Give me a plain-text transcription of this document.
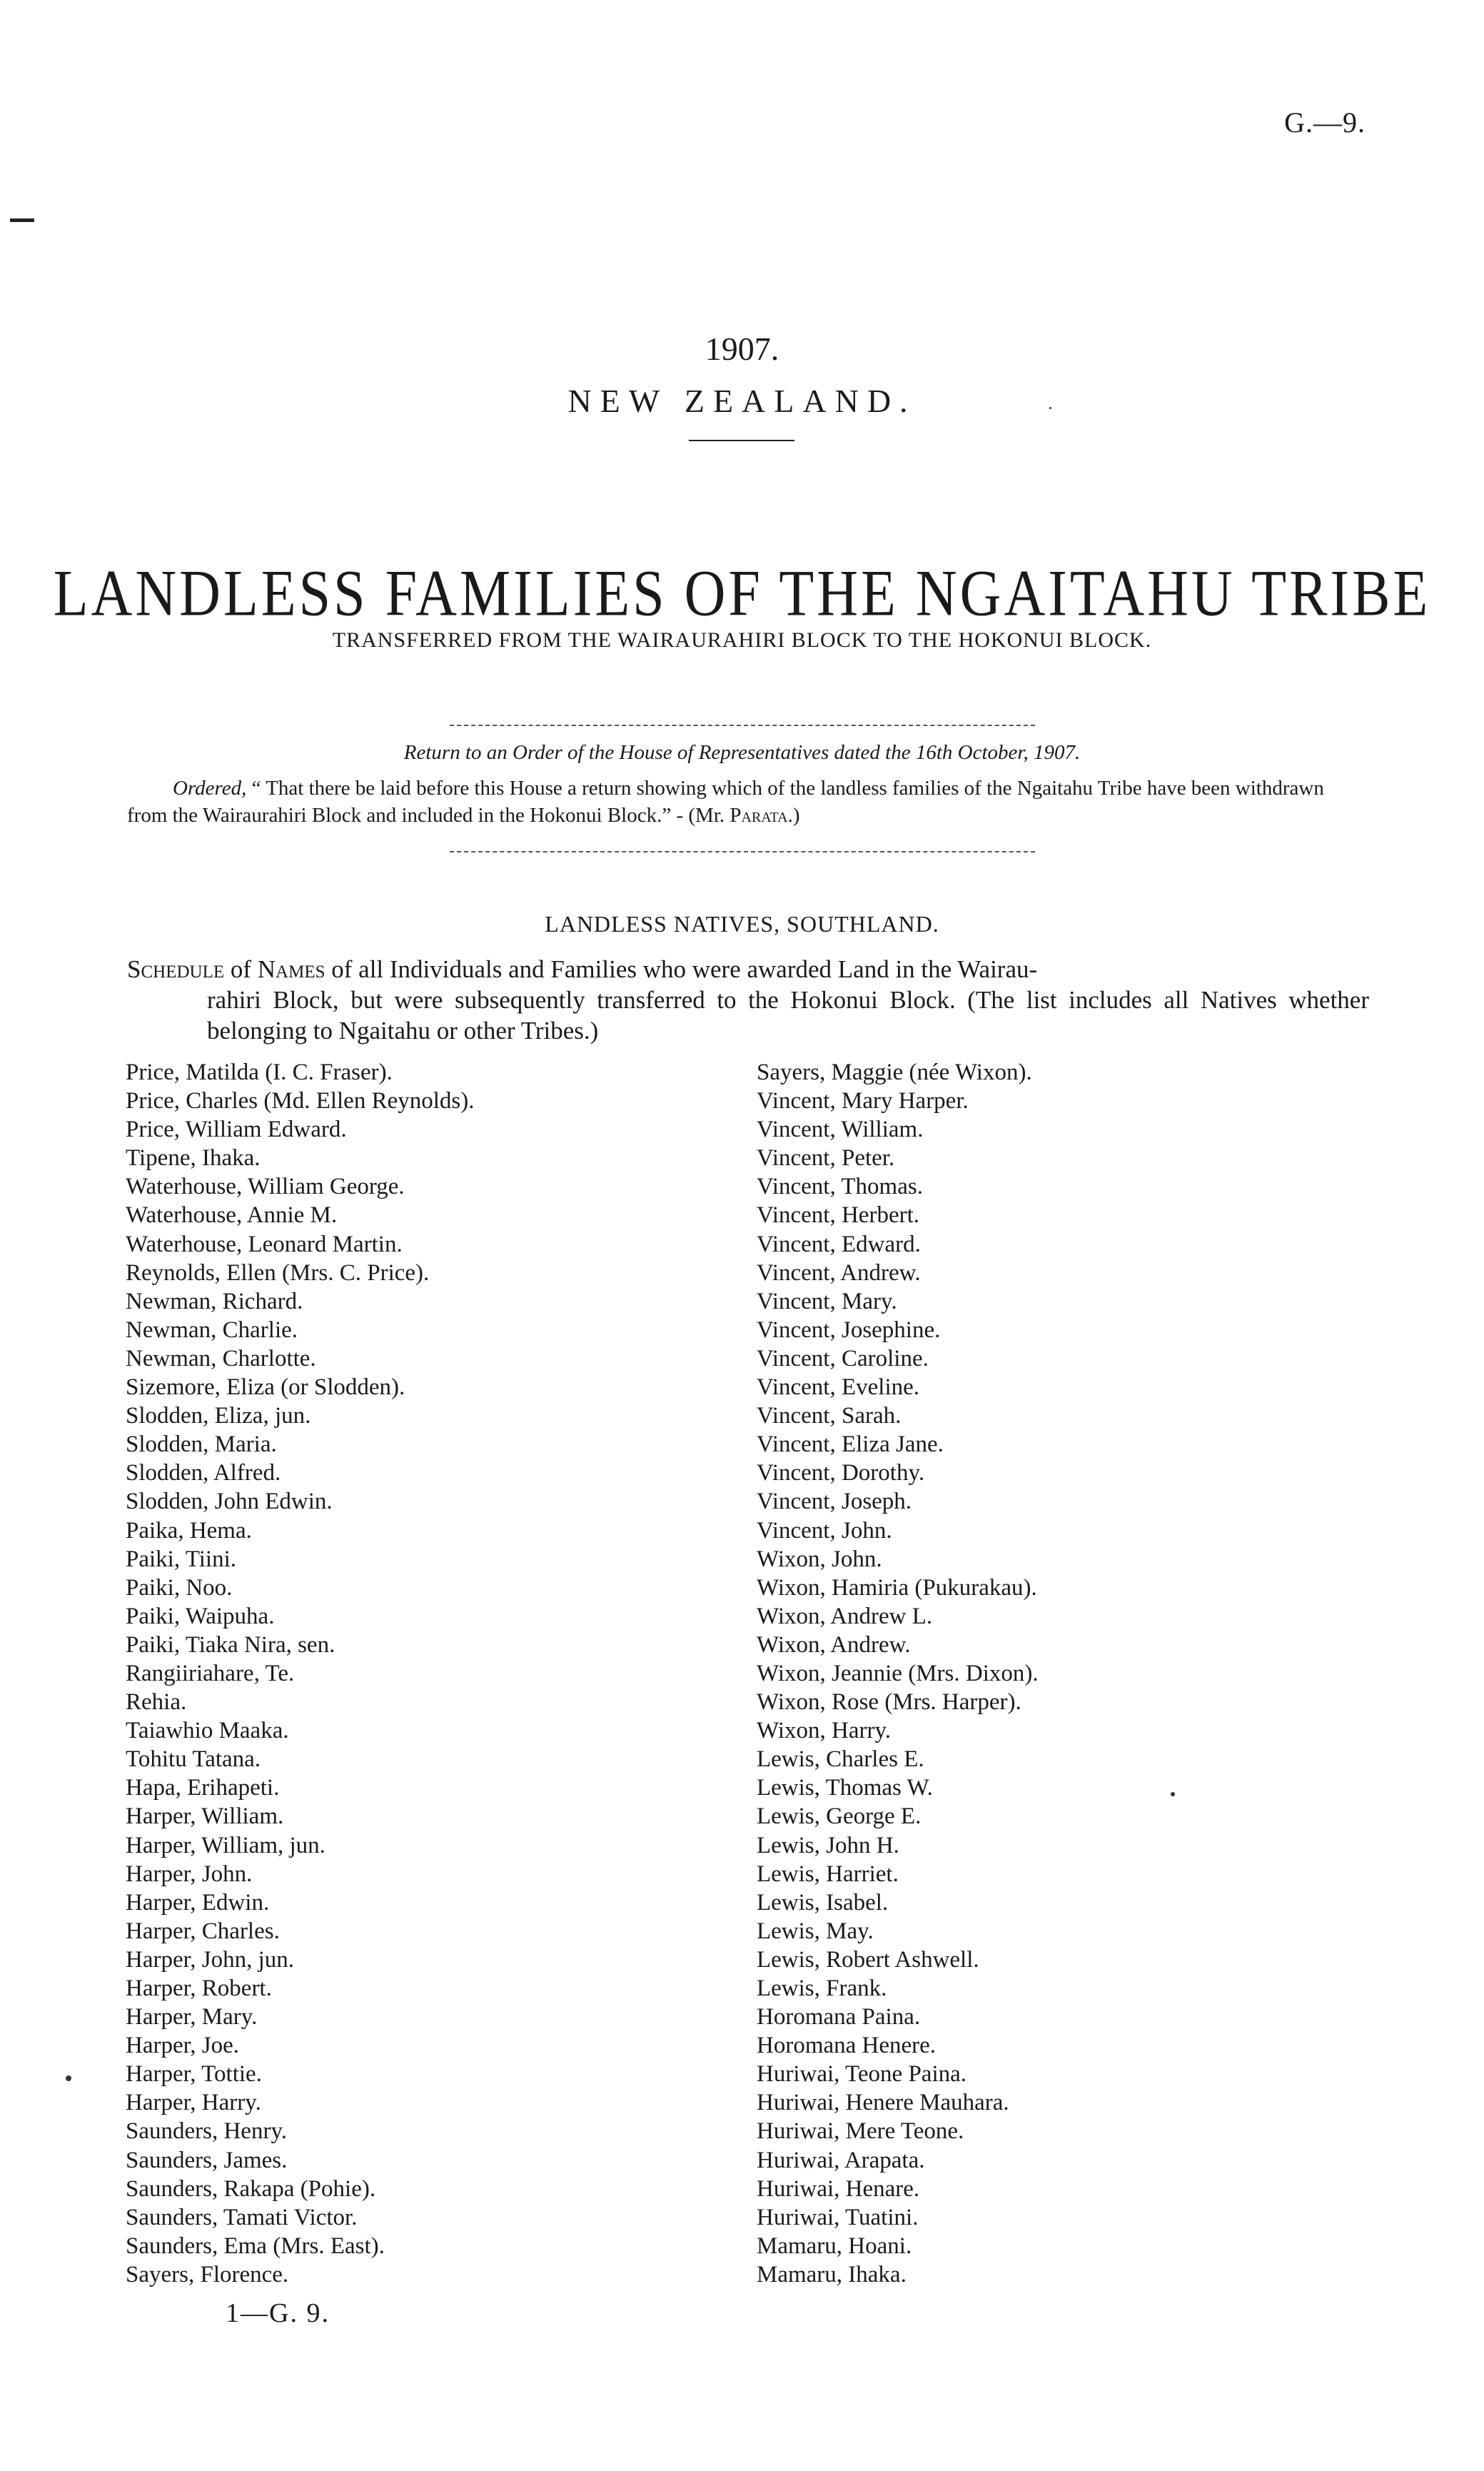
G.—9.
1907.
NEW ZEALAND.
LANDLESS FAMILIES OF THE NGAITAHU TRIBE
TRANSFERRED FROM THE WAIRAURAHIRI BLOCK TO THE HOKONUI BLOCK.
Return to an Order of the House of Representatives dated the 16th October, 1907.
Ordered, “ That there be laid before this House a return showing which of the landless families of the Ngaitahu Tribe have been withdrawn from the Wairaurahiri Block and included in the Hokonui Block.” - (Mr. Parata.)
LANDLESS NATIVES, SOUTHLAND.
Schedule of Names of all Individuals and Families who were awarded Land in the Wairau-
rahiri Block, but were subsequently transferred to the Hokonui Block. (The list includes all Natives whether belonging to Ngaitahu or other Tribes.)
Price, Matilda (I. C. Fraser).
Price, Charles (Md. Ellen Reynolds).
Price, William Edward.
Tipene, Ihaka.
Waterhouse, William George.
Waterhouse, Annie M.
Waterhouse, Leonard Martin.
Reynolds, Ellen (Mrs. C. Price).
Newman, Richard.
Newman, Charlie.
Newman, Charlotte.
Sizemore, Eliza (or Slodden).
Slodden, Eliza, jun.
Slodden, Maria.
Slodden, Alfred.
Slodden, John Edwin.
Paika, Hema.
Paiki, Tiini.
Paiki, Noo.
Paiki, Waipuha.
Paiki, Tiaka Nira, sen.
Rangiiriahare, Te.
Rehia.
Taiawhio Maaka.
Tohitu Tatana.
Hapa, Erihapeti.
Harper, William.
Harper, William, jun.
Harper, John.
Harper, Edwin.
Harper, Charles.
Harper, John, jun.
Harper, Robert.
Harper, Mary.
Harper, Joe.
Harper, Tottie.
Harper, Harry.
Saunders, Henry.
Saunders, James.
Saunders, Rakapa (Pohie).
Saunders, Tamati Victor.
Saunders, Ema (Mrs. East).
Sayers, Florence.
Sayers, Maggie (née Wixon).
Vincent, Mary Harper.
Vincent, William.
Vincent, Peter.
Vincent, Thomas.
Vincent, Herbert.
Vincent, Edward.
Vincent, Andrew.
Vincent, Mary.
Vincent, Josephine.
Vincent, Caroline.
Vincent, Eveline.
Vincent, Sarah.
Vincent, Eliza Jane.
Vincent, Dorothy.
Vincent, Joseph.
Vincent, John.
Wixon, John.
Wixon, Hamiria (Pukurakau).
Wixon, Andrew L.
Wixon, Andrew.
Wixon, Jeannie (Mrs. Dixon).
Wixon, Rose (Mrs. Harper).
Wixon, Harry.
Lewis, Charles E.
Lewis, Thomas W.
Lewis, George E.
Lewis, John H.
Lewis, Harriet.
Lewis, Isabel.
Lewis, May.
Lewis, Robert Ashwell.
Lewis, Frank.
Horomana Paina.
Horomana Henere.
Huriwai, Teone Paina.
Huriwai, Henere Mauhara.
Huriwai, Mere Teone.
Huriwai, Arapata.
Huriwai, Henare.
Huriwai, Tuatini.
Mamaru, Hoani.
Mamaru, Ihaka.
1—G. 9.
